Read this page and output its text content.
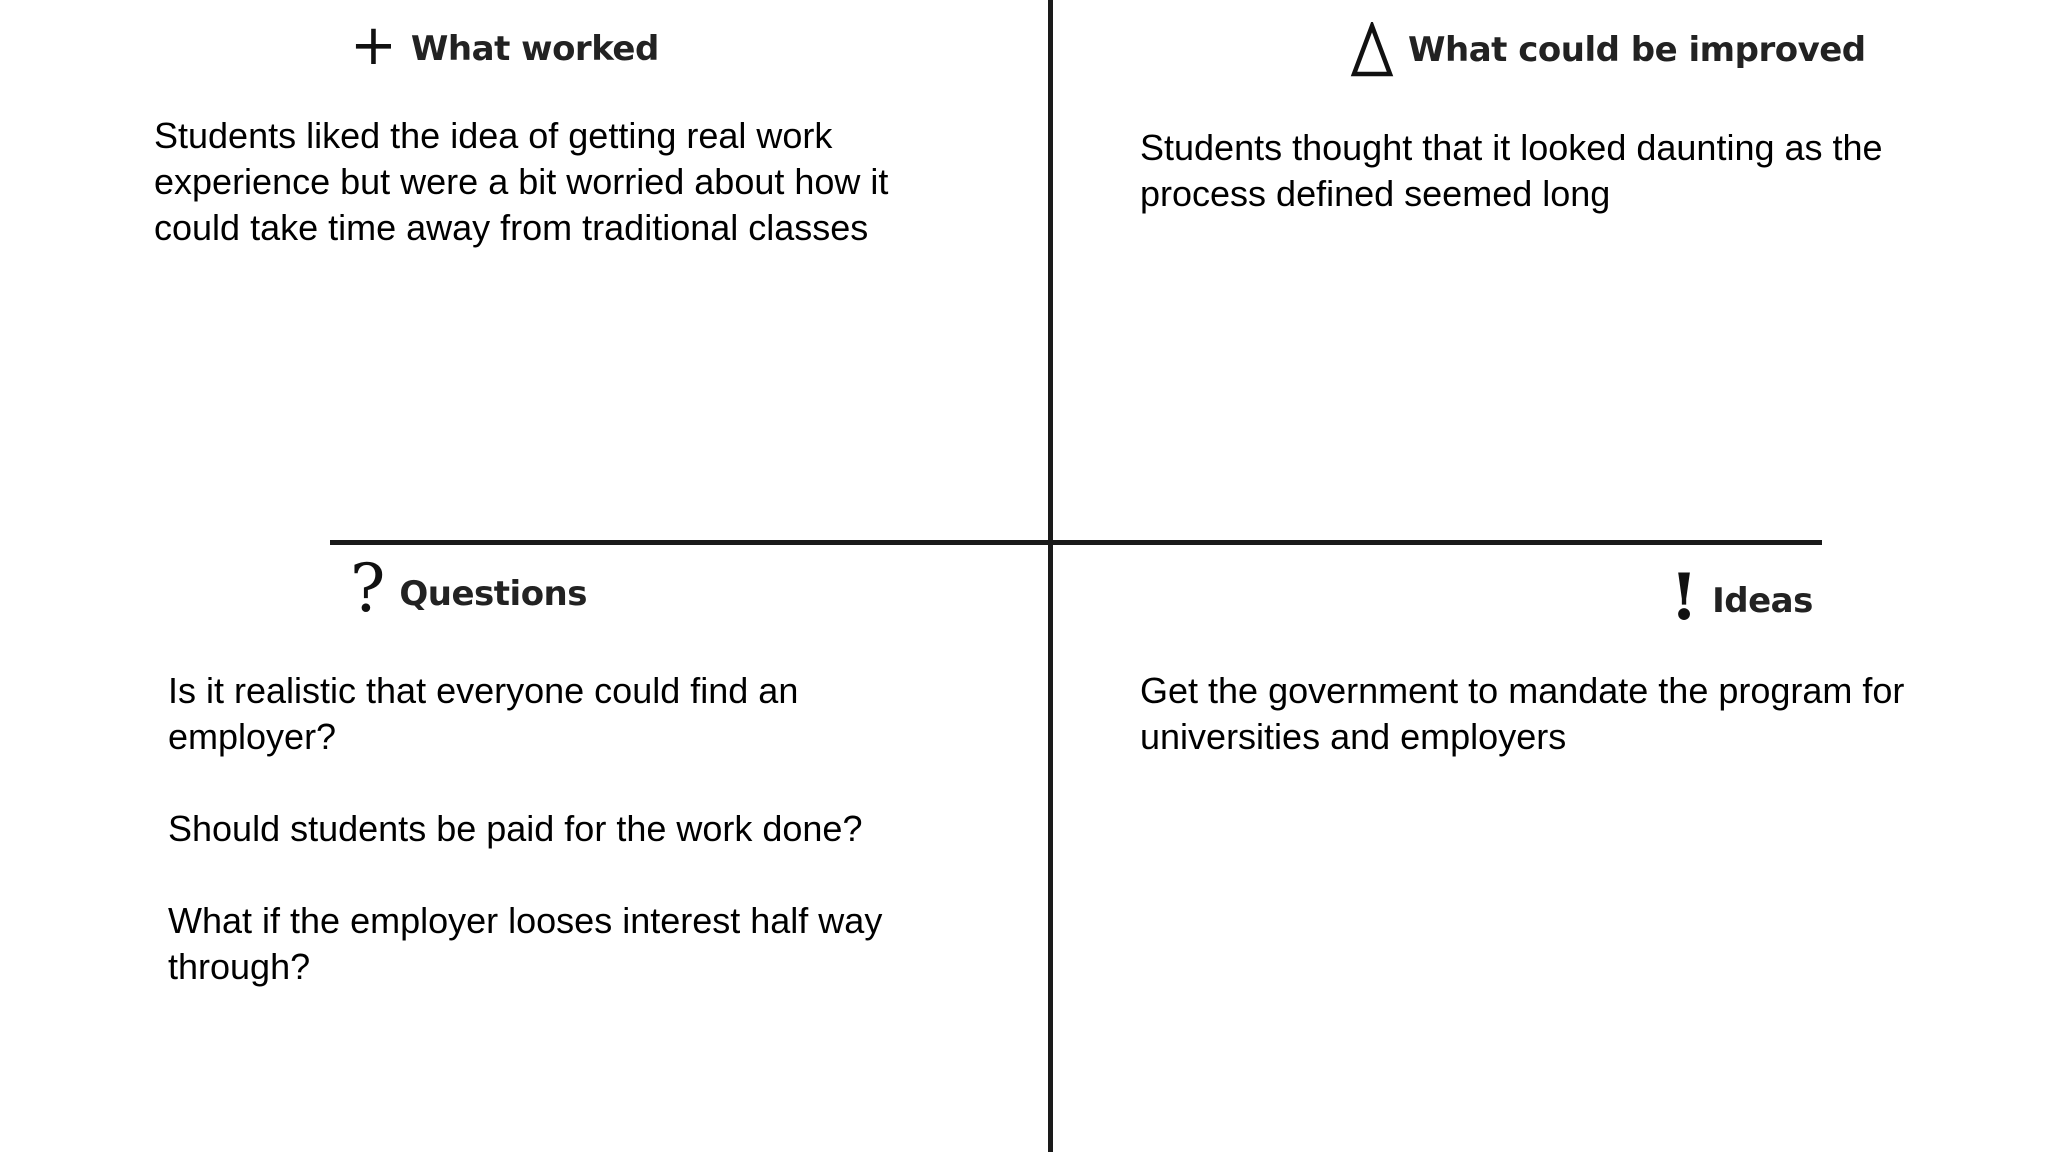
+ What worked

Students liked the idea of getting real work experience but were a bit worried about how it could take time away from traditional classes

What could be improved

Students thought that it looked daunting as the process defined seemed long

? Questions

Is it realistic that everyone could find an employer?

Should students be paid for the work done?

What if the employer looses interest half way through?

! Ideas

Get the government to mandate the program for universities and employers
